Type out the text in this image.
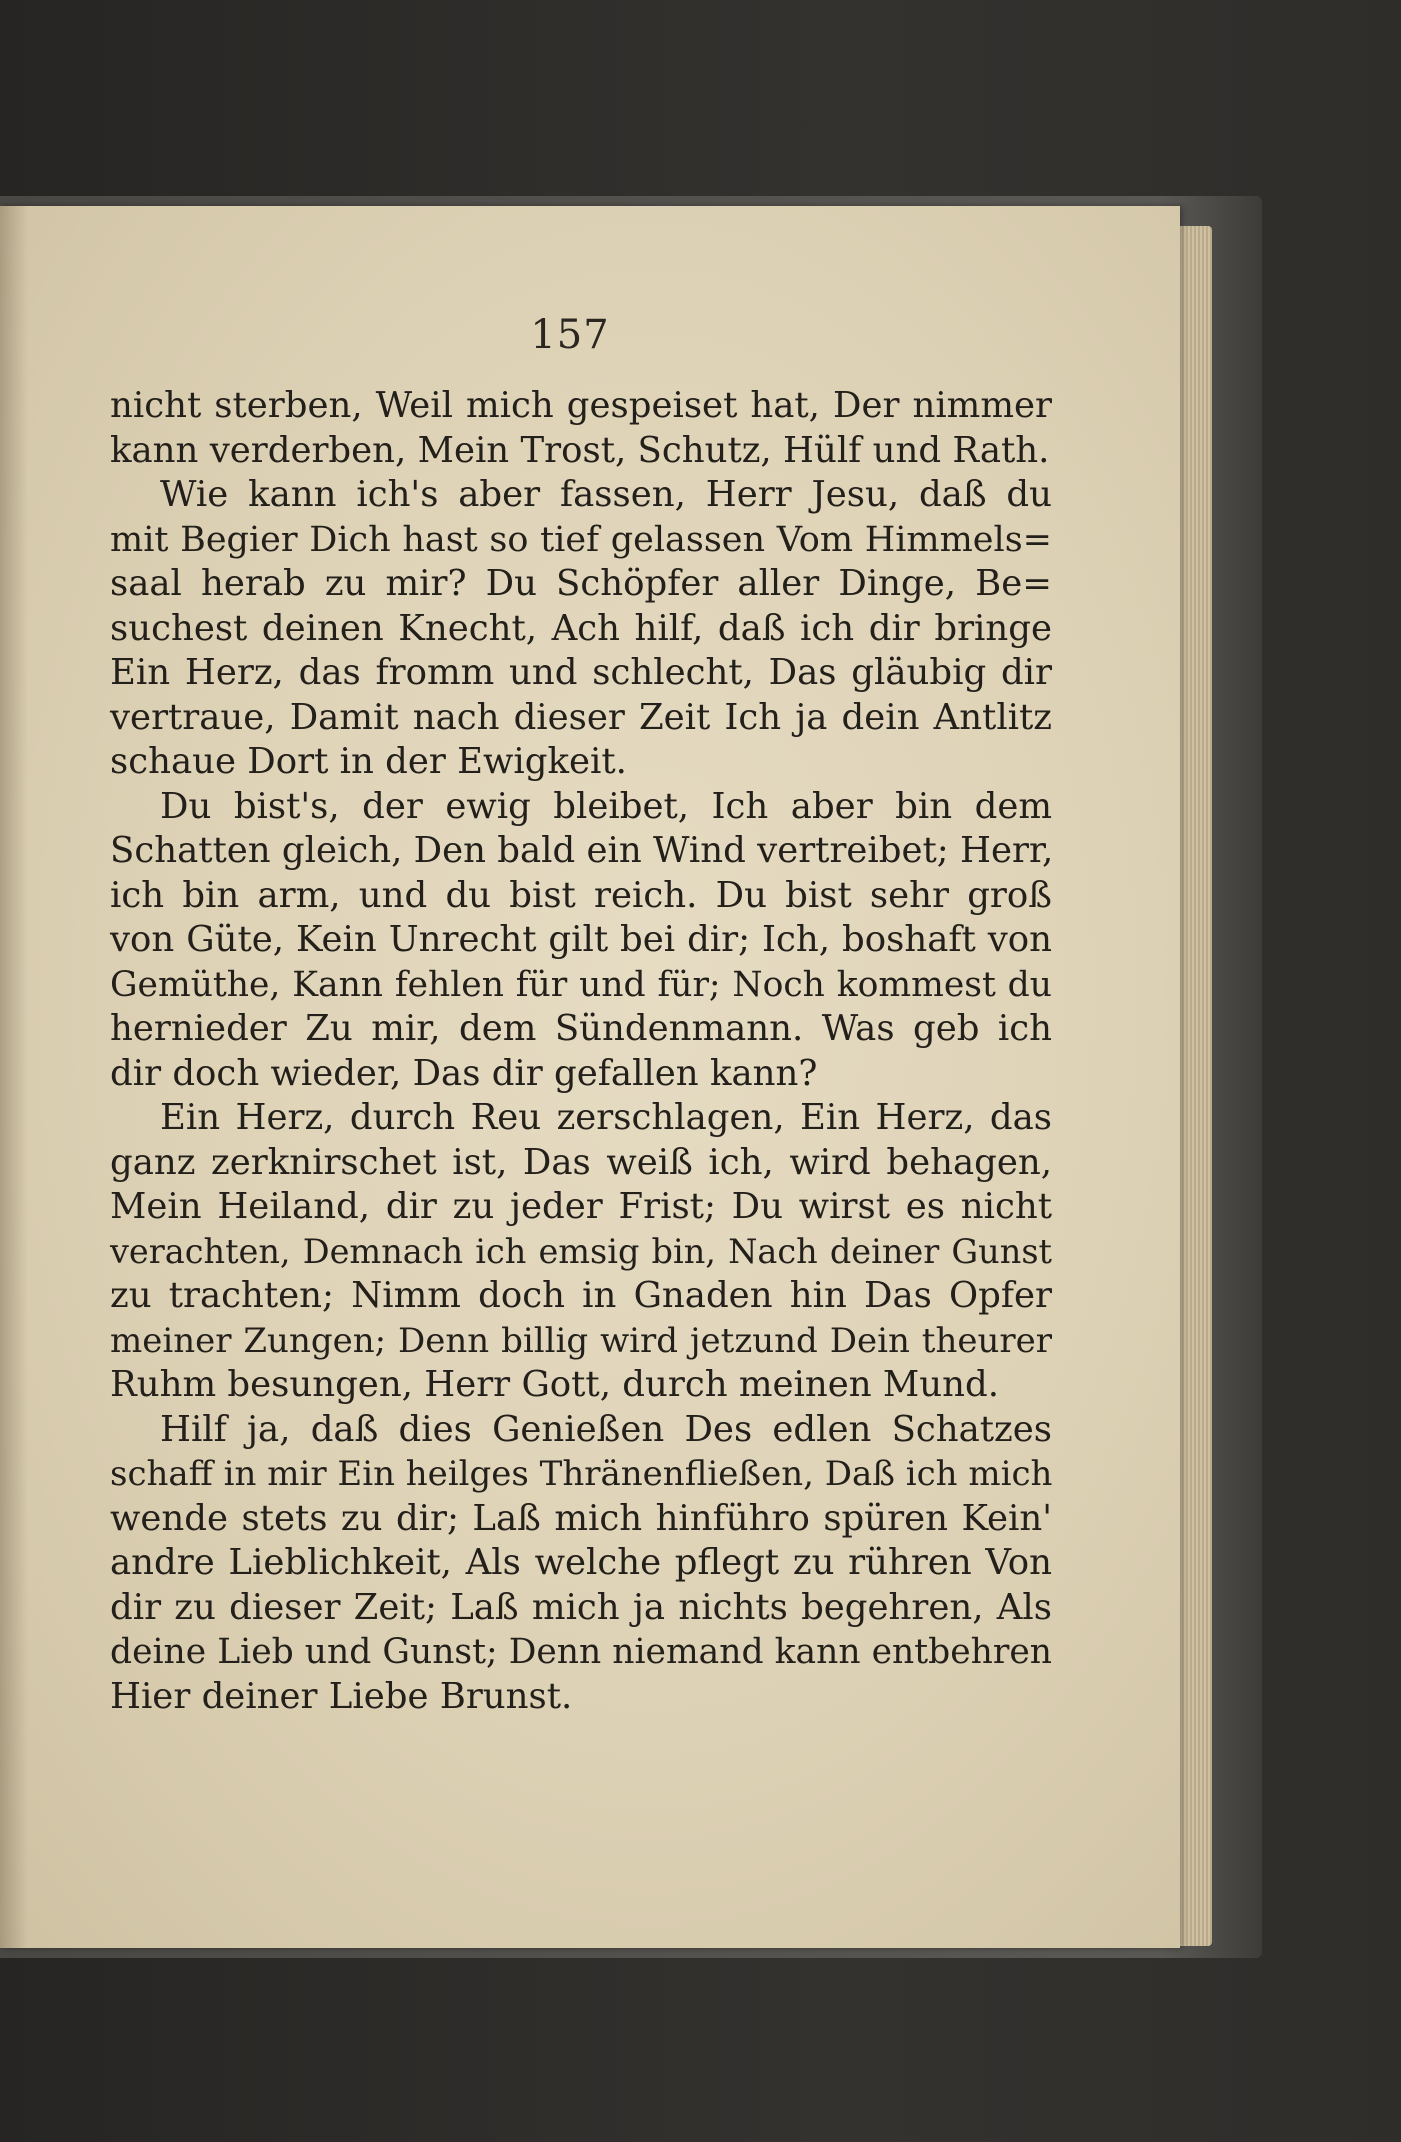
157
nicht sterben, Weil mich gespeiset hat, Der nimmer
kann verderben, Mein Trost, Schutz, Hülf und Rath.
Wie kann ich's aber fassen, Herr Jesu, daß du
mit Begier Dich hast so tief gelassen Vom Himmels=
saal herab zu mir? Du Schöpfer aller Dinge, Be=
suchest deinen Knecht, Ach hilf, daß ich dir bringe
Ein Herz, das fromm und schlecht, Das gläubig dir
vertraue, Damit nach dieser Zeit Ich ja dein Antlitz
schaue Dort in der Ewigkeit.
Du bist's, der ewig bleibet, Ich aber bin dem
Schatten gleich, Den bald ein Wind vertreibet; Herr,
ich bin arm, und du bist reich. Du bist sehr groß
von Güte, Kein Unrecht gilt bei dir; Ich, boshaft von
Gemüthe, Kann fehlen für und für; Noch kommest du
hernieder Zu mir, dem Sündenmann. Was geb ich
dir doch wieder, Das dir gefallen kann?
Ein Herz, durch Reu zerschlagen, Ein Herz, das
ganz zerknirschet ist, Das weiß ich, wird behagen,
Mein Heiland, dir zu jeder Frist; Du wirst es nicht
verachten, Demnach ich emsig bin, Nach deiner Gunst
zu trachten; Nimm doch in Gnaden hin Das Opfer
meiner Zungen; Denn billig wird jetzund Dein theurer
Ruhm besungen, Herr Gott, durch meinen Mund.
Hilf ja, daß dies Genießen Des edlen Schatzes
schaff in mir Ein heilges Thränenfließen, Daß ich mich
wende stets zu dir; Laß mich hinführo spüren Kein'
andre Lieblichkeit, Als welche pflegt zu rühren Von
dir zu dieser Zeit; Laß mich ja nichts begehren, Als
deine Lieb und Gunst; Denn niemand kann entbehren
Hier deiner Liebe Brunst.
